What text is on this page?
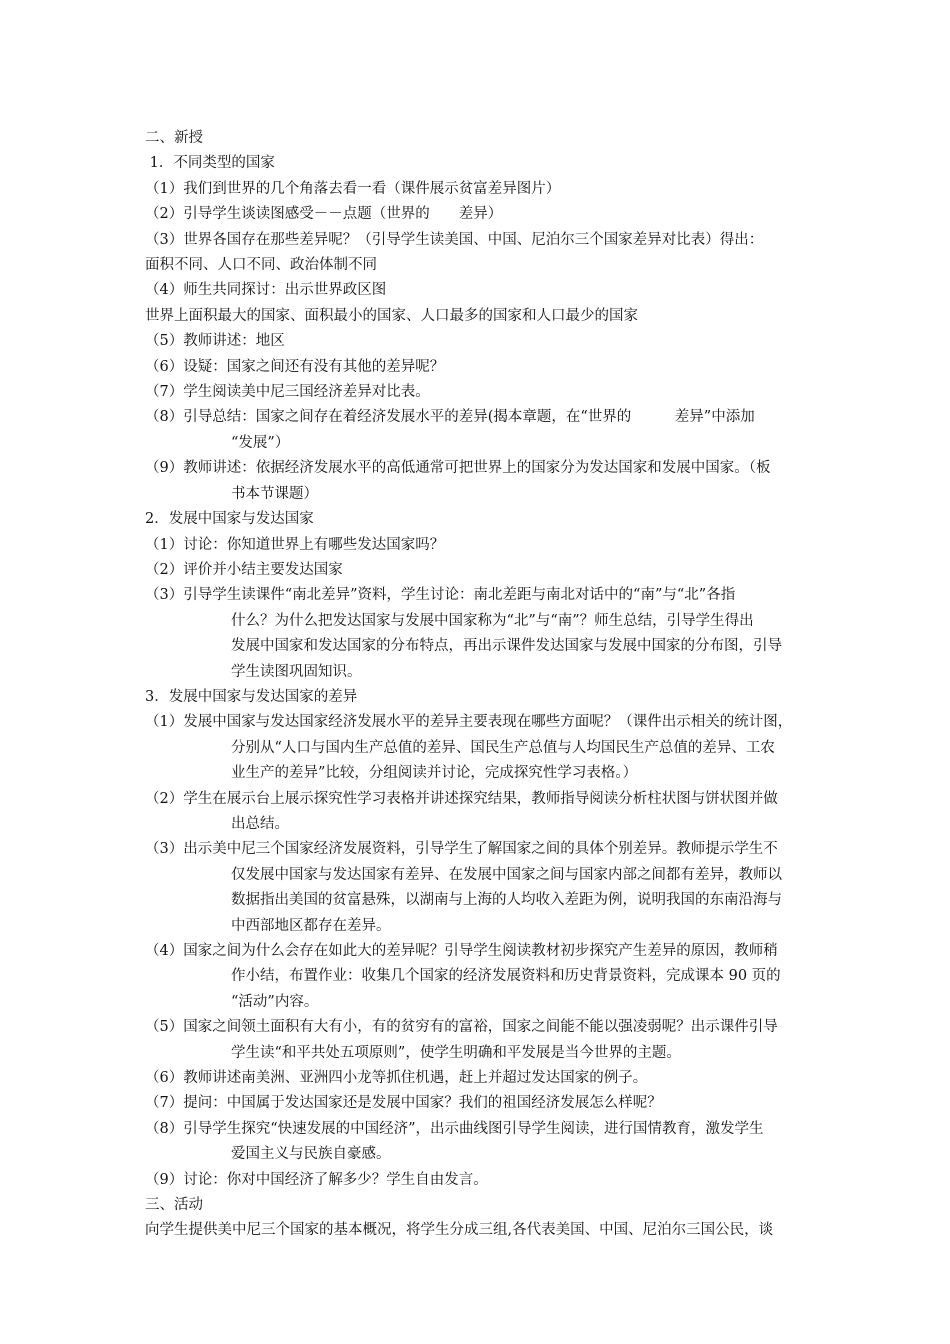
二、新授
1．不同类型的国家
（1）我们到世界的几个角落去看一看（课件展示贫富差异图片）
（2）引导学生谈读图感受－－点题（世界的　　差异）
（3）世界各国存在那些差异呢？（引导学生读美国、中国、尼泊尔三个国家差异对比表）得出：
面积不同、人口不同、政治体制不同
（4）师生共同探讨：出示世界政区图
世界上面积最大的国家、面积最小的国家、人口最多的国家和人口最少的国家
（5）教师讲述：地区
（6）设疑：国家之间还有没有其他的差异呢？
（7）学生阅读美中尼三国经济差异对比表。
（8）引导总结：国家之间存在着经济发展水平的差异(揭本章题，在“世界的　　　差异”中添加
“发展”）
（9）教师讲述：依据经济发展水平的高低通常可把世界上的国家分为发达国家和发展中国家。（板
书本节课题）
2．发展中国家与发达国家
（1）讨论：你知道世界上有哪些发达国家吗？
（2）评价并小结主要发达国家
（3）引导学生读课件“南北差异”资料，学生讨论：南北差距与南北对话中的“南”与“北”各指
什么？为什么把发达国家与发展中国家称为“北”与“南”？师生总结，引导学生得出
发展中国家和发达国家的分布特点，再出示课件发达国家与发展中国家的分布图，引导
学生读图巩固知识。
3．发展中国家与发达国家的差异
（1）发展中国家与发达国家经济发展水平的差异主要表现在哪些方面呢？（课件出示相关的统计图，
分别从“人口与国内生产总值的差异、国民生产总值与人均国民生产总值的差异、工农
业生产的差异”比较，分组阅读并讨论，完成探究性学习表格。）
（2）学生在展示台上展示探究性学习表格并讲述探究结果，教师指导阅读分析柱状图与饼状图并做
出总结。
（3）出示美中尼三个国家经济发展资料，引导学生了解国家之间的具体个别差异。教师提示学生不
仅发展中国家与发达国家有差异、在发展中国家之间与国家内部之间都有差异，教师以
数据指出美国的贫富悬殊，以湖南与上海的人均收入差距为例，说明我国的东南沿海与
中西部地区都存在差异。
（4）国家之间为什么会存在如此大的差异呢？引导学生阅读教材初步探究产生差异的原因，教师稍
作小结，布置作业：收集几个国家的经济发展资料和历史背景资料，完成课本 90 页的
“活动”内容。
（5）国家之间领土面积有大有小，有的贫穷有的富裕，国家之间能不能以强凌弱呢？出示课件引导
学生读“和平共处五项原则”，使学生明确和平发展是当今世界的主题。
（6）教师讲述南美洲、亚洲四小龙等抓住机遇，赶上并超过发达国家的例子。
（7）提问：中国属于发达国家还是发展中国家？我们的祖国经济发展怎么样呢？
（8）引导学生探究“快速发展的中国经济”，出示曲线图引导学生阅读，进行国情教育，激发学生
爱国主义与民族自豪感。
（9）讨论：你对中国经济了解多少？学生自由发言。
三、活动
向学生提供美中尼三个国家的基本概况，将学生分成三组,各代表美国、中国、尼泊尔三国公民，谈
